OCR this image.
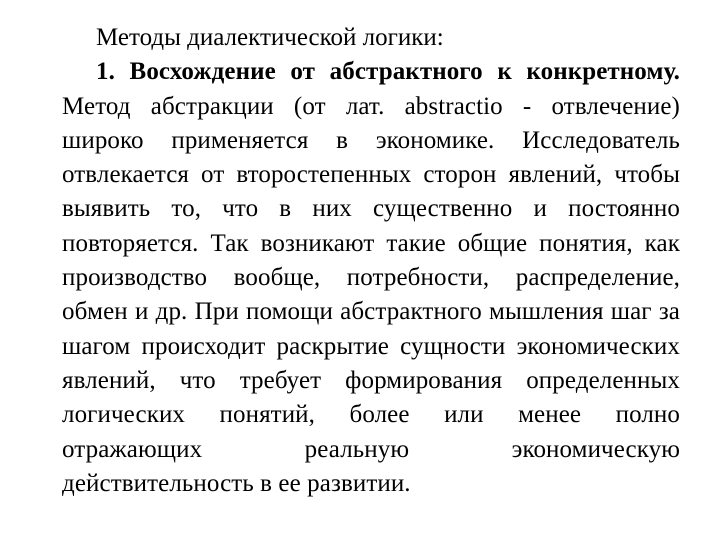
Методы диалектической логики:

1. Восхождение от абстрактного к конкретному. Метод абстракции (от лат. abstractio - отвлечение) широко применяется в экономике. Исследователь отвлекается от второстепенных сторон явлений, чтобы выявить то, что в них существенно и постоянно повторяется. Так возникают такие общие понятия, как производство вообще, потребности, распределение, обмен и др. При помощи абстрактного мышления шаг за шагом происходит раскрытие сущности экономических явлений, что требует формирования определенных логических понятий, более или менее полно отражающих реальную экономическую действительность в ее развитии.
